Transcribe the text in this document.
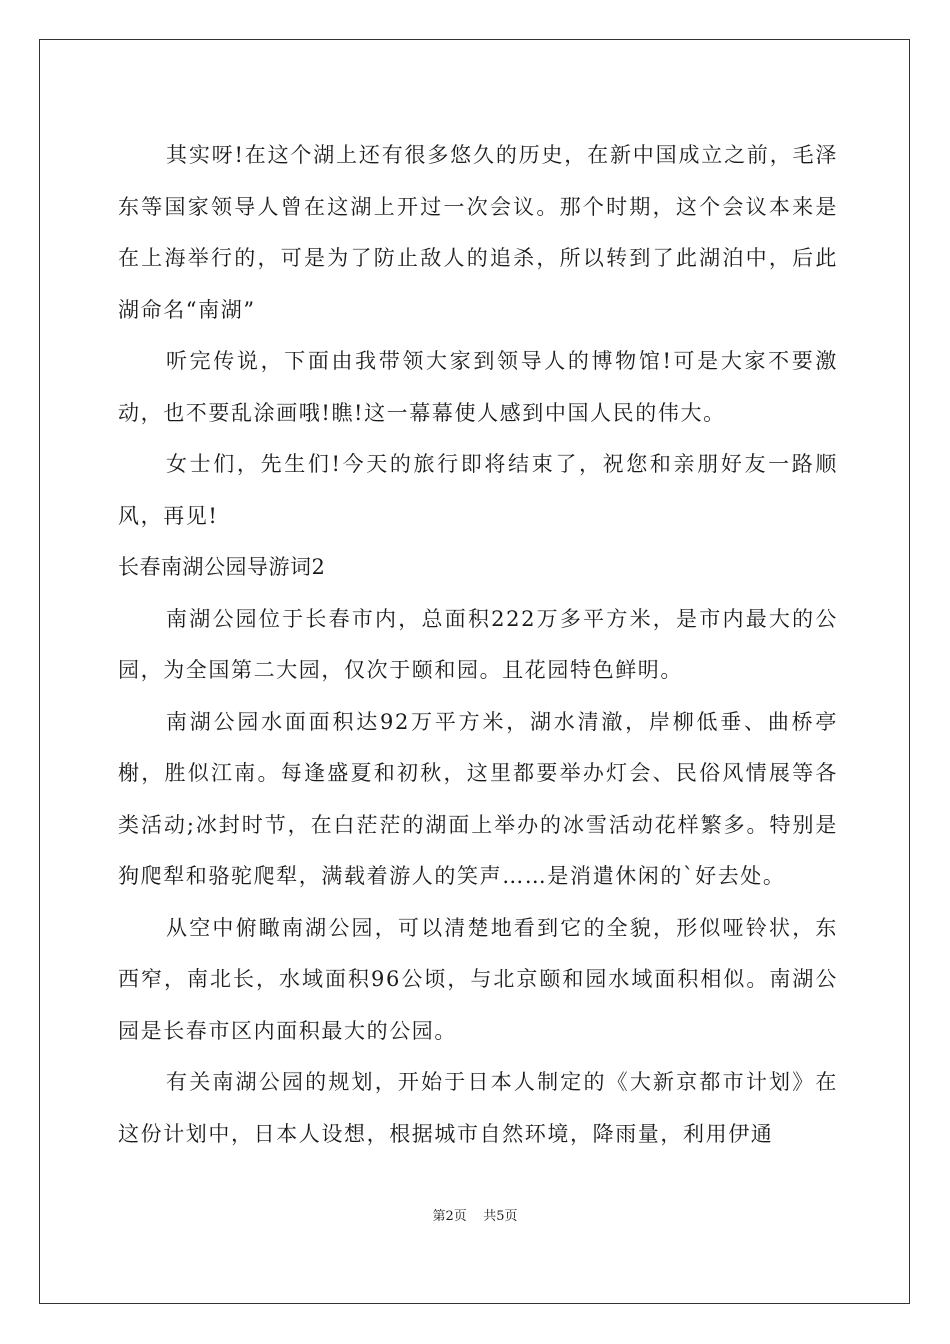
其实呀!在这个湖上还有很多悠久的历史，在新中国成立之前，毛泽东等国家领导人曾在这湖上开过一次会议。那个时期，这个会议本来是在上海举行的，可是为了防止敌人的追杀，所以转到了此湖泊中，后此湖命名“南湖”

听完传说，下面由我带领大家到领导人的博物馆!可是大家不要激动，也不要乱涂画哦!瞧!这一幕幕使人感到中国人民的伟大。

女士们，先生们!今天的旅行即将结束了，祝您和亲朋好友一路顺风，再见!

长春南湖公园导游词2

南湖公园位于长春市内，总面积222万多平方米，是市内最大的公园，为全国第二大园，仅次于颐和园。且花园特色鲜明。

南湖公园水面面积达92万平方米，湖水清澈，岸柳低垂、曲桥亭榭，胜似江南。每逢盛夏和初秋，这里都要举办灯会、民俗风情展等各类活动;冰封时节，在白茫茫的湖面上举办的冰雪活动花样繁多。特别是狗爬犁和骆驼爬犁，满载着游人的笑声……是消遣休闲的`好去处。

从空中俯瞰南湖公园，可以清楚地看到它的全貌，形似哑铃状，东西窄，南北长，水域面积96公顷，与北京颐和园水域面积相似。南湖公园是长春市区内面积最大的公园。

有关南湖公园的规划，开始于日本人制定的《大新京都市计划》在这份计划中，日本人设想，根据城市自然环境，降雨量，利用伊通

第2页 共5页
